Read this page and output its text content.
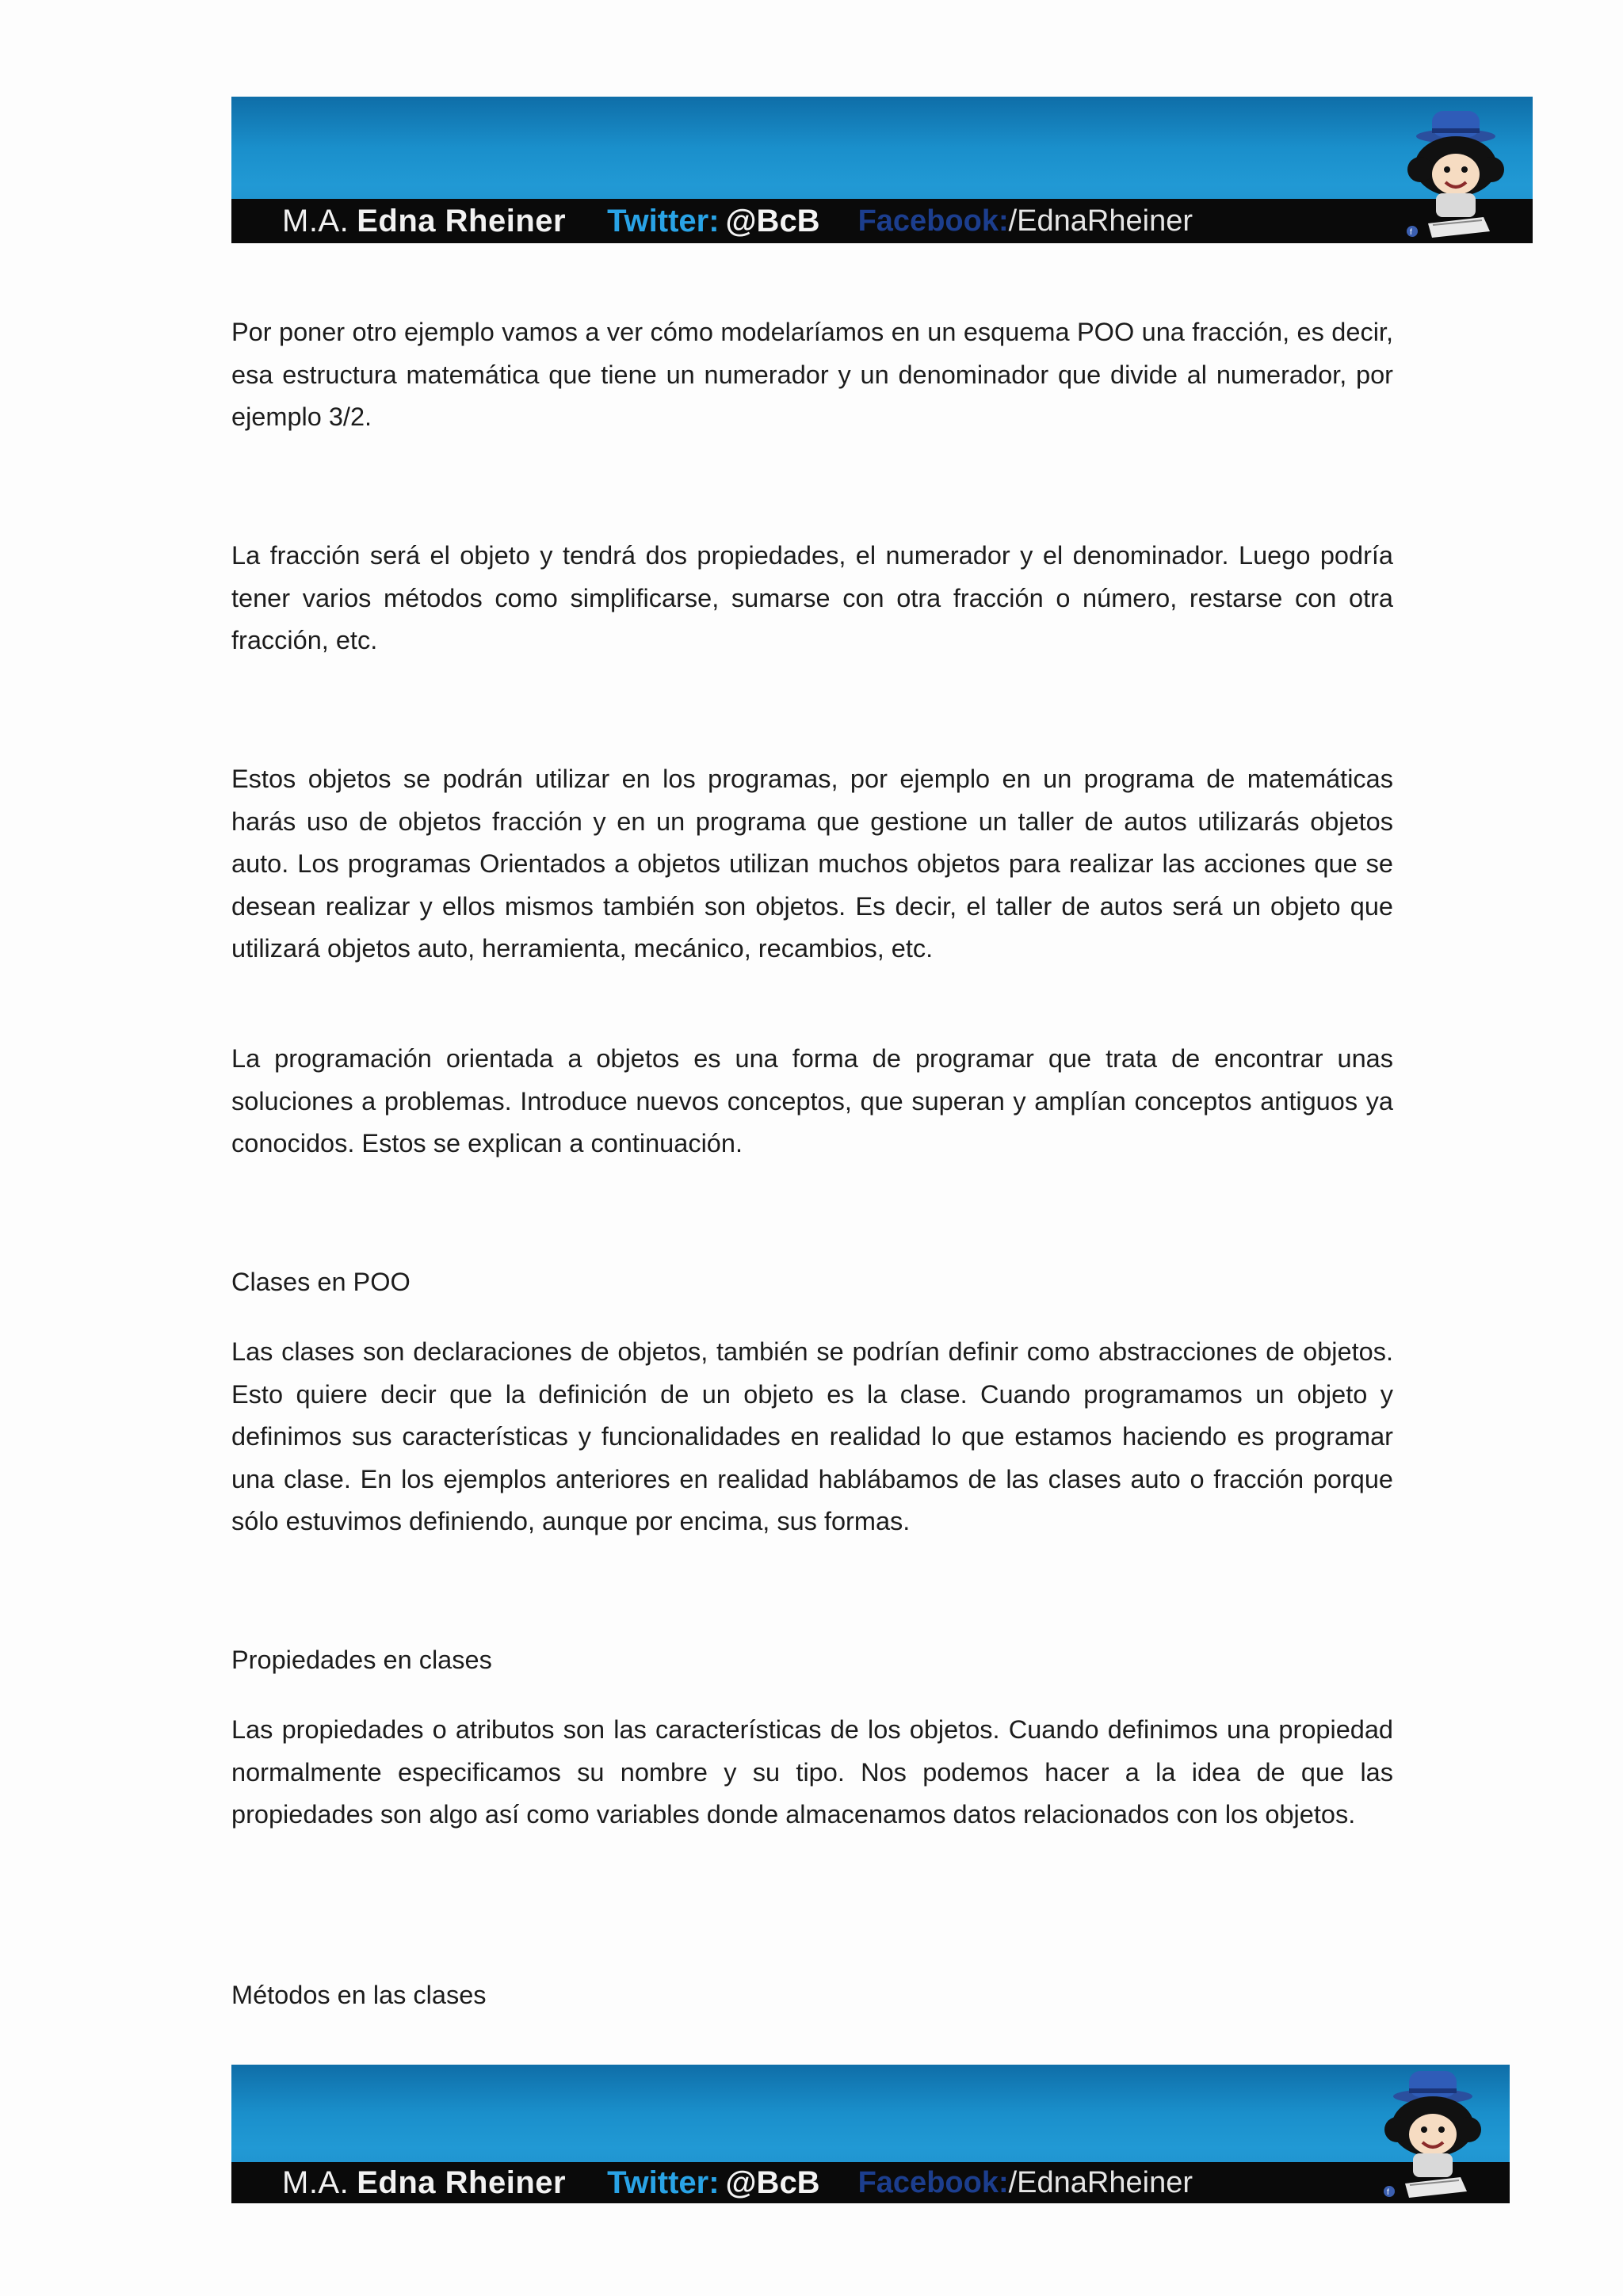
M.A. Edna Rheiner Twitter: @BcB Facebook:/EdnaRheiner	f

Por poner otro ejemplo vamos a ver cómo modelaríamos en un esquema POO una fracción, es decir, esa estructura matemática que tiene un numerador y un denominador que divide al numerador, por ejemplo 3/2.

La fracción será el objeto y tendrá dos propiedades, el numerador y el denominador. Luego podría tener varios métodos como simplificarse, sumarse con otra fracción o número, restarse con otra fracción, etc.

Estos objetos se podrán utilizar en los programas, por ejemplo en un programa de matemáticas harás uso de objetos fracción y en un programa que gestione un taller de autos utilizarás objetos auto. Los programas Orientados a objetos utilizan muchos objetos para realizar las acciones que se desean realizar y ellos mismos también son objetos. Es decir, el taller de autos será un objeto que utilizará objetos auto, herramienta, mecánico, recambios, etc.

La programación orientada a objetos es una forma de programar que trata de encontrar unas soluciones a problemas. Introduce nuevos conceptos, que superan y amplían conceptos antiguos ya conocidos. Estos se explican a continuación.

Clases en POO

Las clases son declaraciones de objetos, también se podrían definir como abstracciones de objetos. Esto quiere decir que la definición de un objeto es la clase. Cuando programamos un objeto y definimos sus características y funcionalidades en realidad lo que estamos haciendo es programar una clase. En los ejemplos anteriores en realidad hablábamos de las clases auto o fracción porque sólo estuvimos definiendo, aunque por encima, sus formas.

Propiedades en clases

Las propiedades o atributos son las características de los objetos. Cuando definimos una propiedad normalmente especificamos su nombre y su tipo. Nos podemos hacer a la idea de que las propiedades son algo así como variables donde almacenamos datos relacionados con los objetos.

Métodos en las clases
M.A. Edna Rheiner Twitter: @BcB Facebook:/EdnaRheiner	f
